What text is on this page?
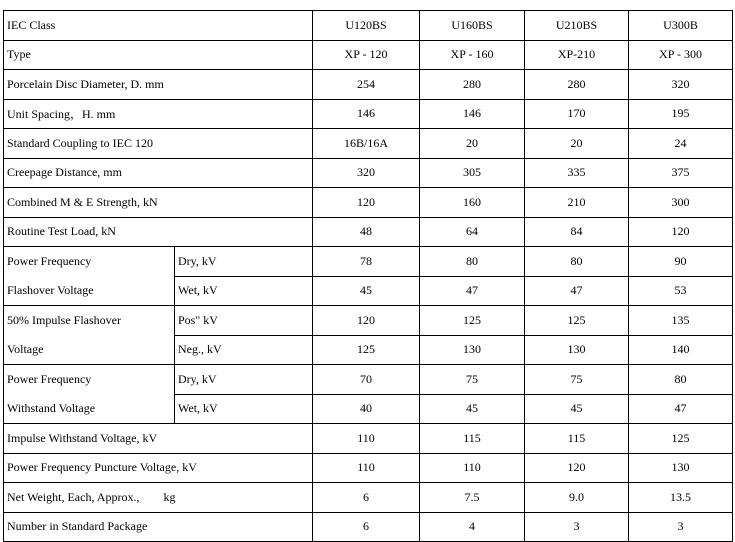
IEC Class		U120BS	U160BS	U210BS	U300B
Type		XP - 120	XP - 160	XP-210	XP - 300
Porcelain Disc Diameter, D. mm		254	280	280	320
Unit Spacing，H. mm		146	146	170	195
Standard Coupling to IEC 120		16B/16A	20	20	24
Creepage Distance, mm		320	305	335	375
Combined M & E Strength, kN		120	160	210	300
Routine Test Load, kN		48	64	84	120
Power Frequency	Dry, kV	78	80	80	90
Flashover Voltage	Wet, kV	45	47	47	53
50% Impulse Flashover	Pos" kV	120	125	125	135
Voltage	Neg., kV	125	130	130	140
Power Frequency	Dry, kV	70	75	75	80
Withstand Voltage	Wet, kV	40	45	45	47
Impulse Withstand Voltage, kV		110	115	115	125
Power Frequency Puncture Voltage, kV		110	110	120	130
Net Weight, Each, Approx.,        kg		6	7.5	9.0	13.5
Number in Standard Package		6	4	3	3
